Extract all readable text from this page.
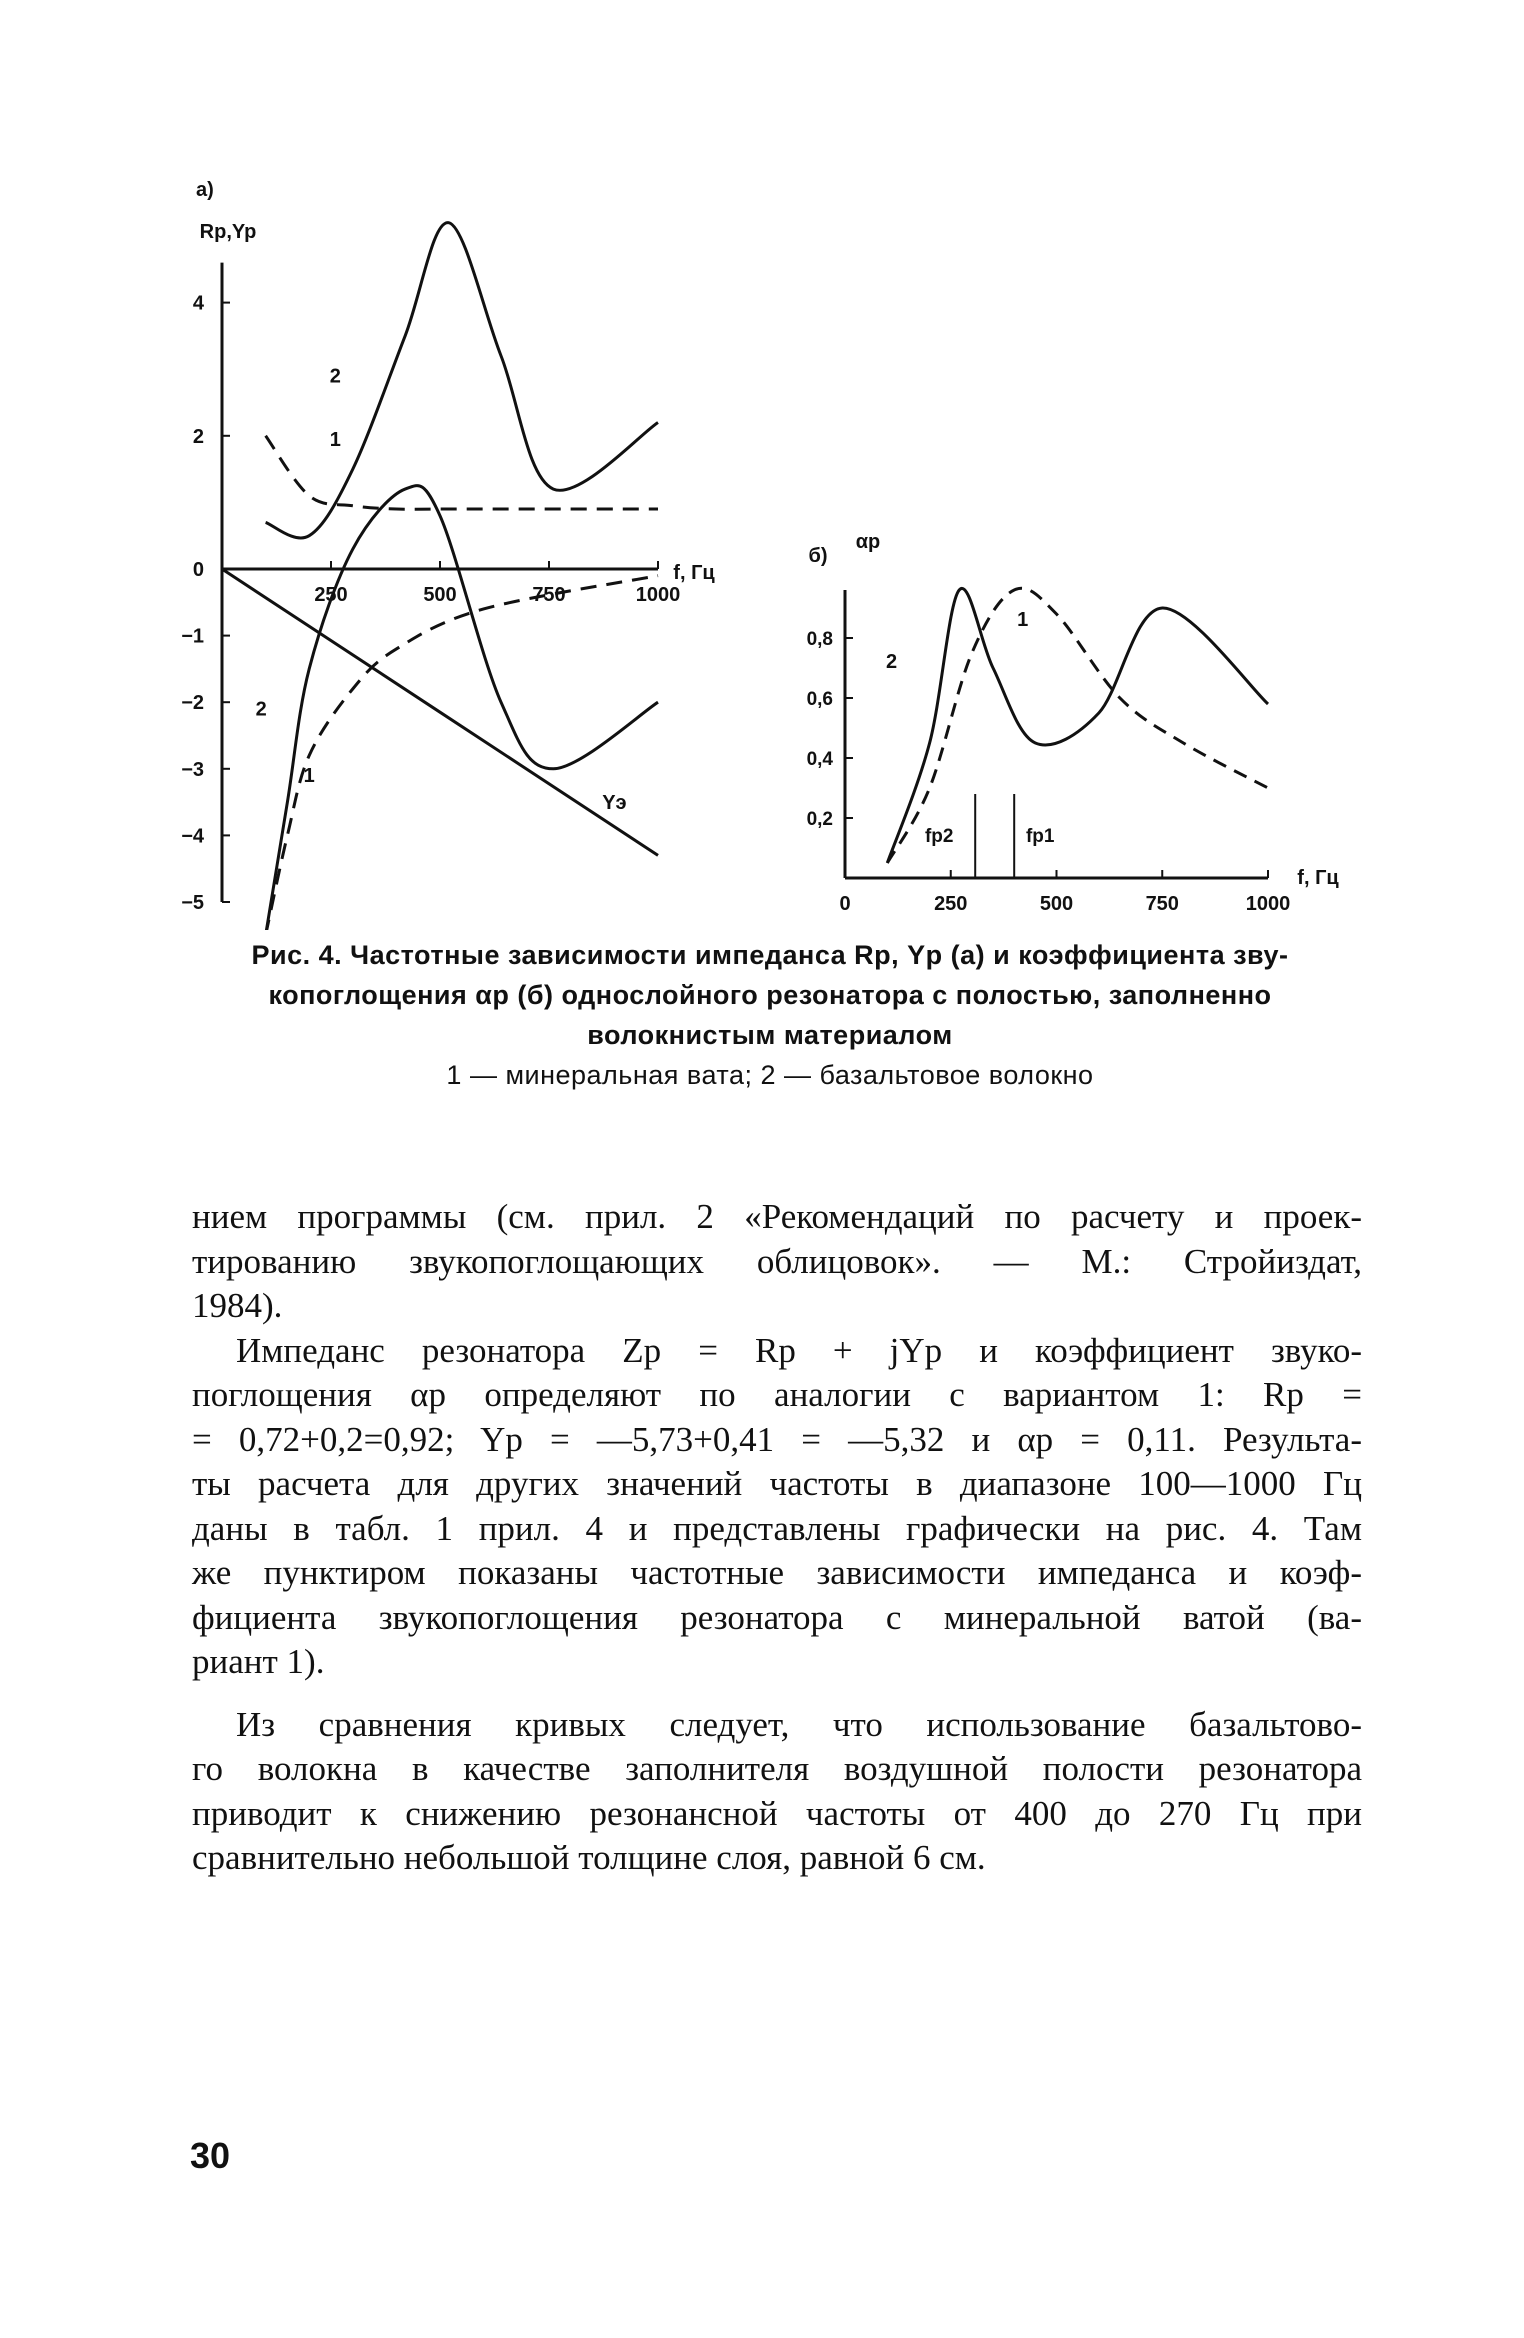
а)
Rp,Yp
4
2
0
−1
−2
−3
−4
−5
250	500	750	1000
f, Гц
1
2
2
1
Yэ
б)
αp
0,8
0,6
0,4
0,2
0	250	500	750	1000
f, Гц
fp2	fp1
1
2
Рис. 4. Частотные зависимости импеданса Rр, Yр (а) и коэффициента зву-
копоглощения αр (б) однослойного резонатора с полостью, заполненно
волокнистым материалом
1 — минеральная вата; 2 — базальтовое волокно
нием программы (см. прил. 2 «Рекомендаций по расчету и проек-
тированию звукопоглощающих облицовок». — М.: Стройиздат,
1984).
Импеданс резонатора Zр = Rр + jYр и коэффициент звуко-
поглощения αр определяют по аналогии с вариантом 1: Rр =
= 0,72+0,2=0,92; Yр = —5,73+0,41 = —5,32 и αр = 0,11. Результа-
ты расчета для других значений частоты в диапазоне 100—1000 Гц
даны в табл. 1 прил. 4 и представлены графически на рис. 4. Там
же пунктиром показаны частотные зависимости импеданса и коэф-
фициента звукопоглощения резонатора с минеральной ватой (ва-
риант 1).
Из сравнения кривых следует, что использование базальтово-
го волокна в качестве заполнителя воздушной полости резонатора
приводит к снижению резонансной частоты от 400 до 270 Гц при
сравнительно небольшой толщине слоя, равной 6 см.
30
